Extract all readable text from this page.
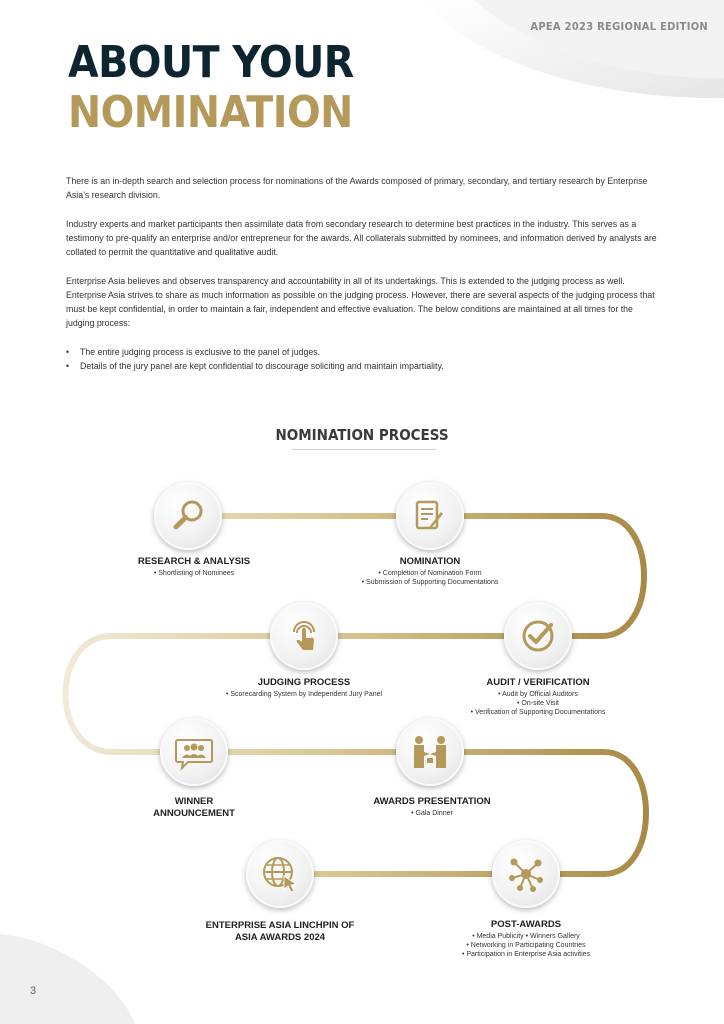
APEA 2023 REGIONAL EDITION
ABOUT YOUR
NOMINATION

There is an in-depth search and selection process for nominations of the Awards composed of primary, secondary, and tertiary research by Enterprise Asia’s research division.

Industry experts and market participants then assimilate data from secondary research to determine best practices in the industry. This serves as a testimony to pre-qualify an enterprise and/or entrepreneur for the awards. All collaterals submitted by nominees, and information derived by analysts are collated to permit the quantitative and qualitative audit.

Enterprise Asia believes and observes transparency and accountability in all of its undertakings. This is extended to the judging process as well. Enterprise Asia strives to share as much information as possible on the judging process. However, there are several aspects of the judging process that must be kept confidential, in order to maintain a fair, independent and effective evaluation. The below conditions are maintained at all times for the judging process:

• The entire judging process is exclusive to the panel of judges.
• Details of the jury panel are kept confidential to discourage soliciting and maintain impartiality.
NOMINATION PROCESS
RESEARCH & ANALYSIS
• Shortlisting of Nominees
NOMINATION
• Completion of Nomination Form
• Submission of Supporting Documentations
JUDGING PROCESS
• Scorecarding System by Independent Jury Panel
AUDIT / VERIFICATION
• Audit by Official Auditors
• On-site Visit
• Verification of Supporting Documentations
WINNER
ANNOUNCEMENT
AWARDS PRESENTATION
• Gala Dinner
ENTERPRISE ASIA LINCHPIN OF
ASIA AWARDS 2024
POST-AWARDS
• Media Publicity • Winners Gallery
• Networking in Participating Countries
• Participation in Enterprise Asia activities
3
